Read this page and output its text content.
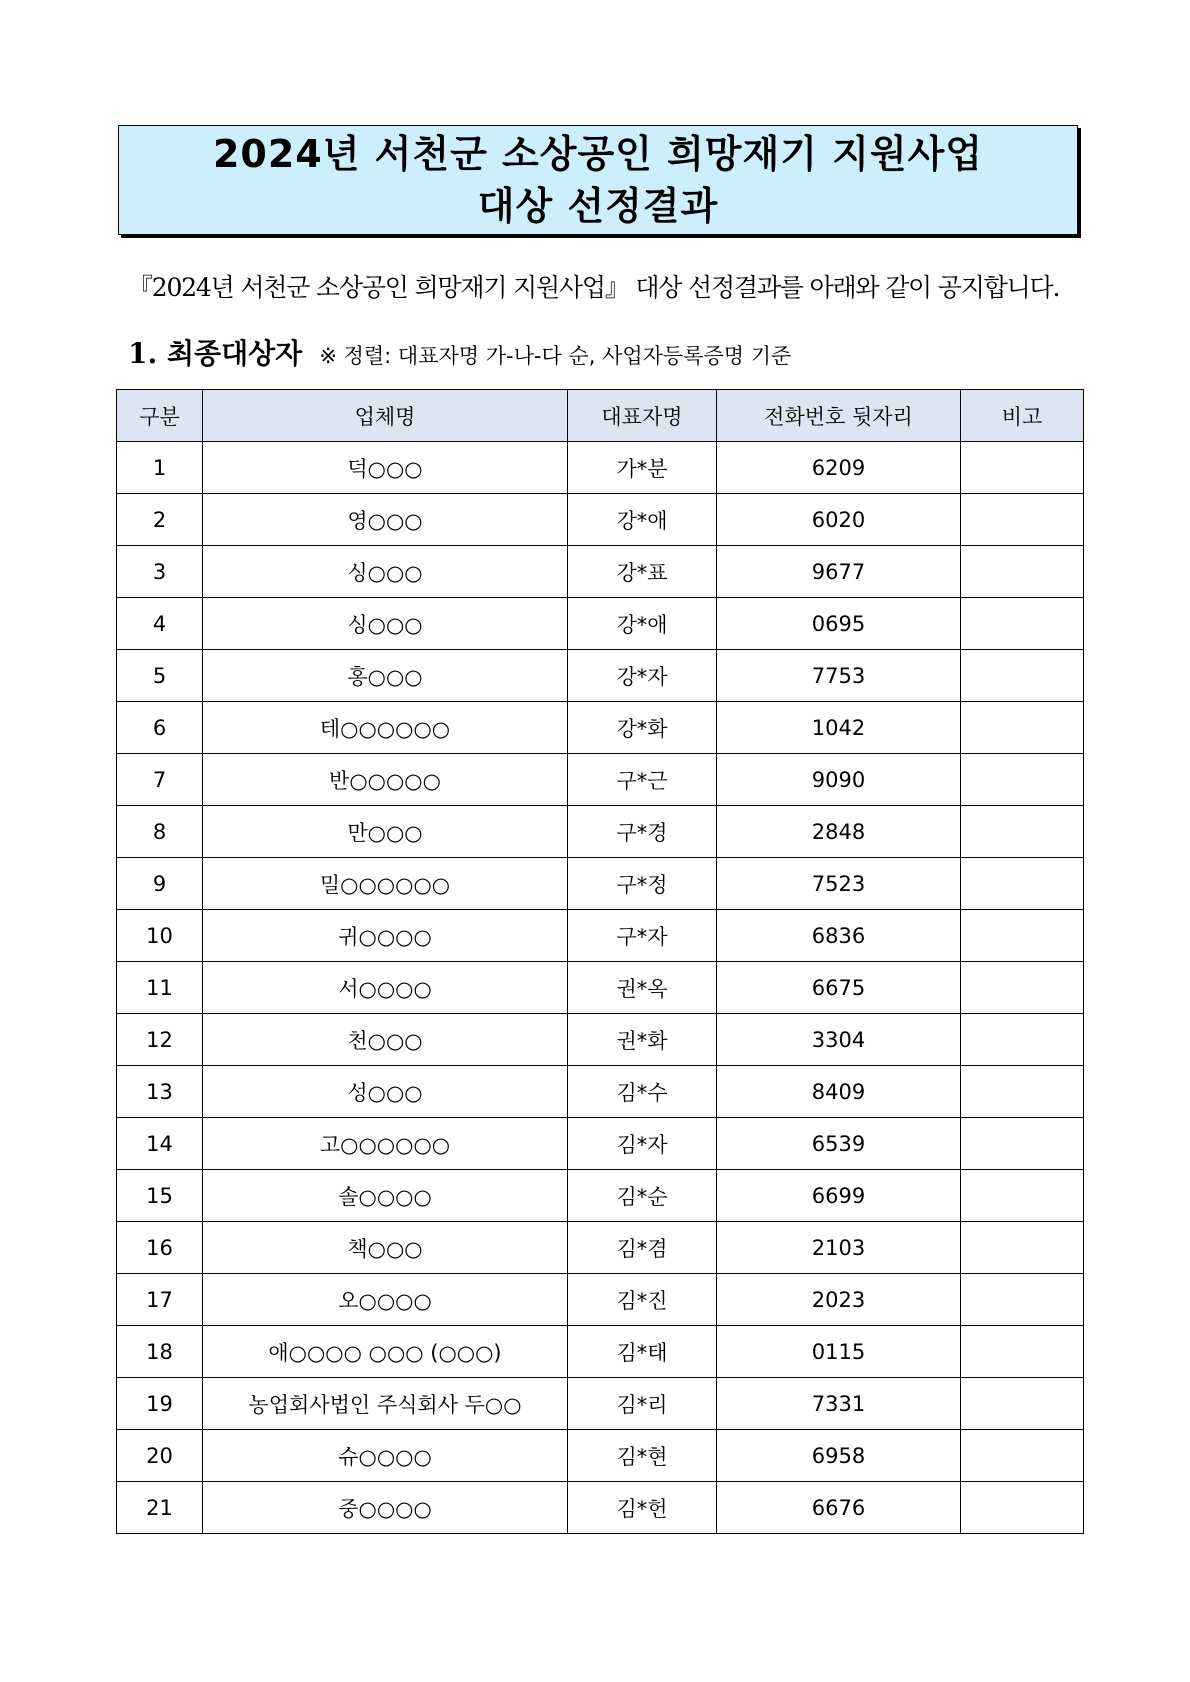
2024년 서천군 소상공인 희망재기 지원사업
대상 선정결과
『2024년 서천군 소상공인 희망재기 지원사업』 대상 선정결과를 아래와 같이 공지합니다.
1. 최종대상자 ※ 정렬: 대표자명 가-나-다 순, 사업자등록증명 기준
구분	업체명	대표자명	전화번호 뒷자리	비고
1	덕○○○	가*분	6209	
2	영○○○	강*애	6020	
3	싱○○○	강*표	9677	
4	싱○○○	강*애	0695	
5	홍○○○	강*자	7753	
6	테○○○○○○	강*화	1042	
7	반○○○○○	구*근	9090	
8	만○○○	구*경	2848	
9	밀○○○○○○	구*정	7523	
10	귀○○○○	구*자	6836	
11	서○○○○	권*옥	6675	
12	천○○○	권*화	3304	
13	성○○○	김*수	8409	
14	고○○○○○○	김*자	6539	
15	솔○○○○	김*순	6699	
16	책○○○	김*겸	2103	
17	오○○○○	김*진	2023	
18	애○○○○ ○○○ (○○○)	김*태	0115	
19	농업회사법인 주식회사 두○○	김*리	7331	
20	슈○○○○	김*현	6958	
21	중○○○○	김*헌	6676	
